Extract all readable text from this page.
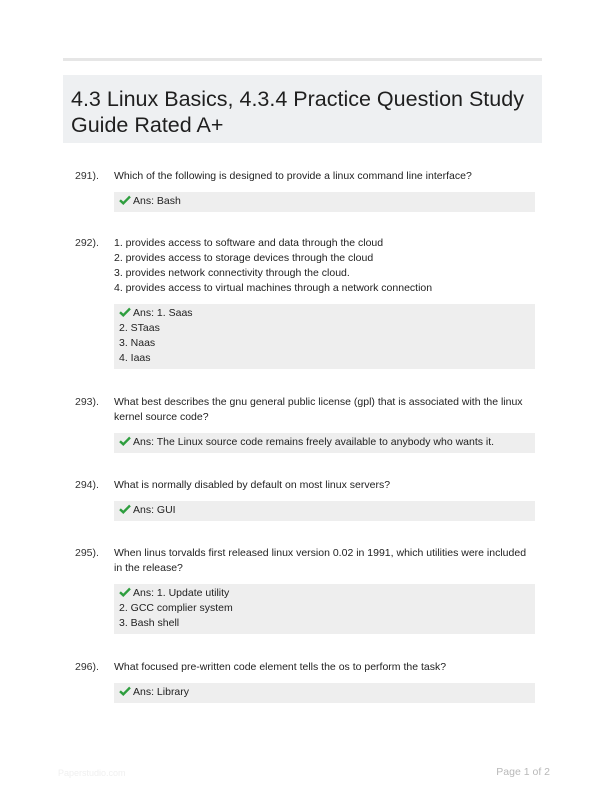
4.3 Linux Basics, 4.3.4 Practice Question Study Guide Rated A+
291). Which of the following is designed to provide a linux command line interface?
Ans: Bash
292). 1. provides access to software and data through the cloud
2. provides access to storage devices through the cloud
3. provides network connectivity through the cloud.
4. provides access to virtual machines through a network connection
Ans: 1. Saas
2. STaas
3. Naas
4. Iaas
293). What best describes the gnu general public license (gpl) that is associated with the linux
kernel source code?
Ans: The Linux source code remains freely available to anybody who wants it.
294). What is normally disabled by default on most linux servers?
Ans: GUI
295). When linus torvalds first released linux version 0.02 in 1991, which utilities were included
in the release?
Ans: 1. Update utility
2. GCC complier system
3. Bash shell
296). What focused pre-written code element tells the os to perform the task?
Ans: Library
Paperstudio.com	Page 1 of 2
